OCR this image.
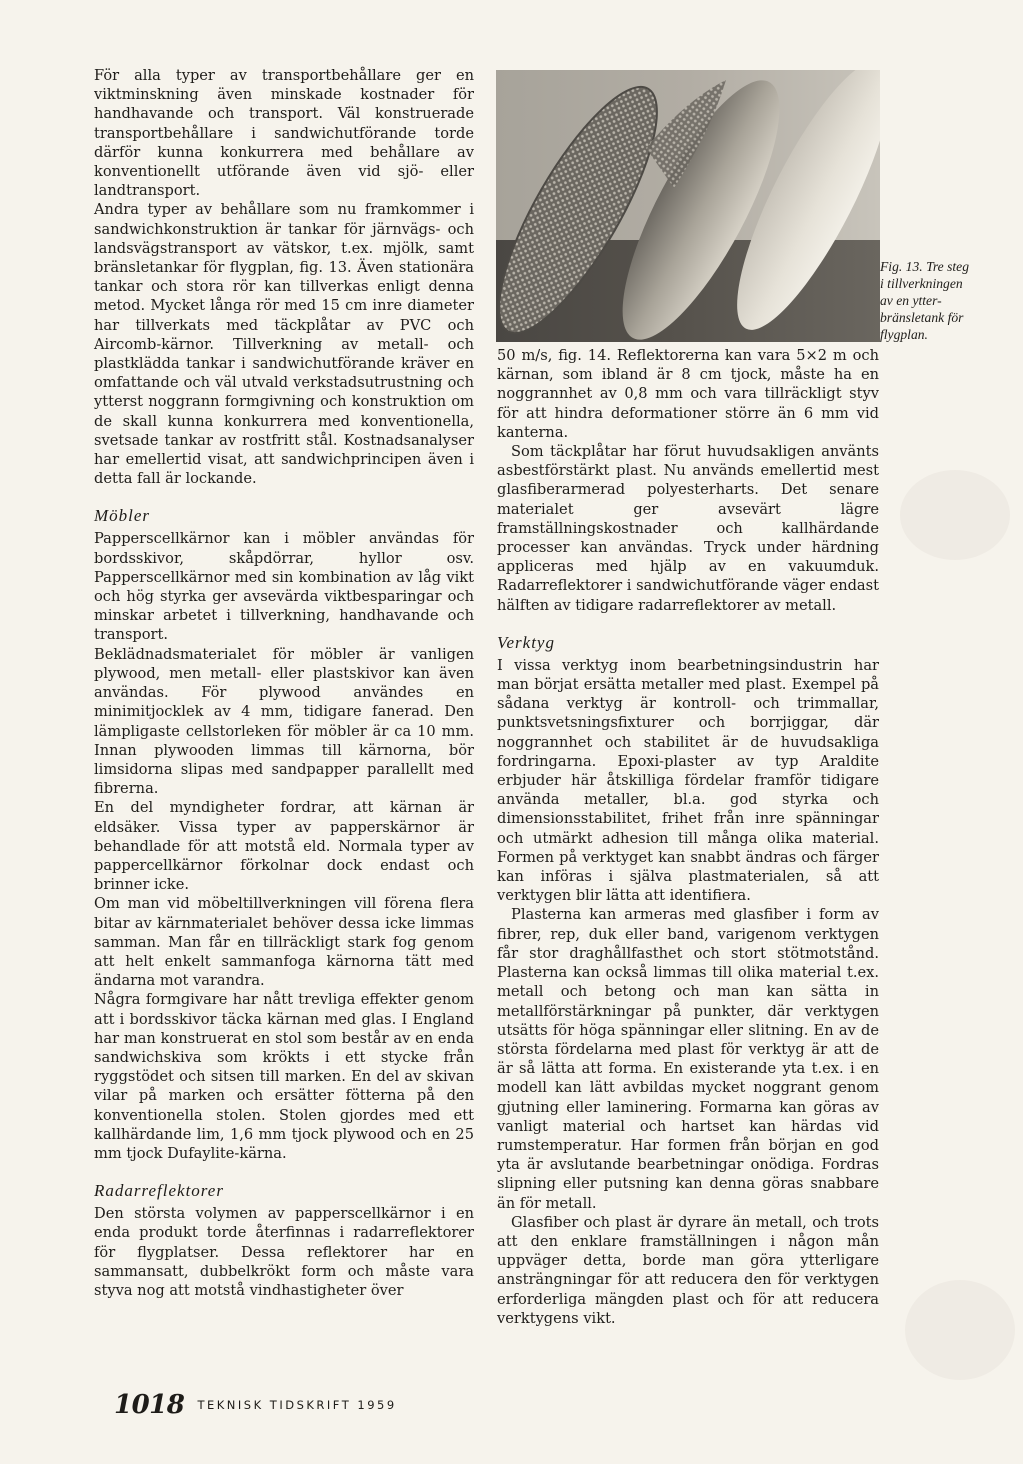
För alla typer av transportbehållare ger en viktminskning även minskade kostnader för handhavande och transport. Väl konstruerade transportbehållare i sandwichutförande torde därför kunna konkurrera med behållare av konventionellt utförande även vid sjö- eller landtransport.

Andra typer av behållare som nu framkommer i sandwichkonstruktion är tankar för järnvägs- och landsvägstransport av vätskor, t.ex. mjölk, samt bränsletankar för flygplan, fig. 13. Även stationära tankar och stora rör kan tillverkas enligt denna metod. Mycket långa rör med 15 cm inre diameter har tillverkats med täckplåtar av PVC och Aircomb-kärnor. Tillverkning av metall- och plastklädda tankar i sandwichutförande kräver en omfattande och väl utvald verkstadsutrustning och ytterst noggrann formgivning och konstruktion om de skall kunna konkurrera med konventionella, svetsade tankar av rostfritt stål. Kostnadsanalyser har emellertid visat, att sandwichprincipen även i detta fall är lockande.

Möbler

Papperscellkärnor kan i möbler användas för bordsskivor, skåpdörrar, hyllor osv. Papperscellkärnor med sin kombination av låg vikt och hög styrka ger avsevärda viktbesparingar och minskar arbetet i tillverkning, handhavande och transport.

Beklädnadsmaterialet för möbler är vanligen plywood, men metall- eller plastskivor kan även användas. För plywood användes en minimitjocklek av 4 mm, tidigare fanerad. Den lämpligaste cellstorleken för möbler är ca 10 mm. Innan plywooden limmas till kärnorna, bör limsidorna slipas med sandpapper parallellt med fibrerna.

En del myndigheter fordrar, att kärnan är eldsäker. Vissa typer av papperskärnor är behandlade för att motstå eld. Normala typer av pappercellkärnor förkolnar dock endast och brinner icke.

Om man vid möbeltillverkningen vill förena flera bitar av kärnmaterialet behöver dessa icke limmas samman. Man får en tillräckligt stark fog genom att helt enkelt sammanfoga kärnorna tätt med ändarna mot varandra.

Några formgivare har nått trevliga effekter genom att i bordsskivor täcka kärnan med glas. I England har man konstruerat en stol som består av en enda sandwichskiva som krökts i ett stycke från ryggstödet och sitsen till marken. En del av skivan vilar på marken och ersätter fötterna på den konventionella stolen. Stolen gjordes med ett kallhärdande lim, 1,6 mm tjock plywood och en 25 mm tjock Dufaylite-kärna.

Radarreflektorer

Den största volymen av papperscellkärnor i en enda produkt torde återfinnas i radarreflektorer för flygplatser. Dessa reflektorer har en sammansatt, dubbelkrökt form och måste vara styva nog att motstå vindhastigheter över

Fig. 13. Tre steg
i tillverkningen
av en ytter-
bränsletank för
flygplan.

50 m/s, fig. 14. Reflektorerna kan vara 5×2 m och kärnan, som ibland är 8 cm tjock, måste ha en noggrannhet av 0,8 mm och vara tillräckligt styv för att hindra deformationer större än 6 mm vid kanterna.

Som täckplåtar har förut huvudsakligen använts asbestförstärkt plast. Nu används emellertid mest glasfiberarmerad polyesterharts. Det senare materialet ger avsevärt lägre framställningskostnader och kallhärdande processer kan användas. Tryck under härdning appliceras med hjälp av en vakuumduk. Radarreflektorer i sandwichutförande väger endast hälften av tidigare radarreflektorer av metall.

Verktyg

I vissa verktyg inom bearbetningsindustrin har man börjat ersätta metaller med plast. Exempel på sådana verktyg är kontroll- och trimmallar, punktsvetsningsfixturer och borrjiggar, där noggrannhet och stabilitet är de huvudsakliga fordringarna. Epoxi-plaster av typ Araldite erbjuder här åtskilliga fördelar framför tidigare använda metaller, bl.a. god styrka och dimensionsstabilitet, frihet från inre spänningar och utmärkt adhesion till många olika material. Formen på verktyget kan snabbt ändras och färger kan införas i själva plastmaterialen, så att verktygen blir lätta att identifiera.

Plasterna kan armeras med glasfiber i form av fibrer, rep, duk eller band, varigenom verktygen får stor draghållfasthet och stort stötmotstånd. Plasterna kan också limmas till olika material t.ex. metall och betong och man kan sätta in metallförstärkningar på punkter, där verktygen utsätts för höga spänningar eller slitning. En av de största fördelarna med plast för verktyg är att de är så lätta att forma. En existerande yta t.ex. i en modell kan lätt avbildas mycket noggrant genom gjutning eller laminering. Formarna kan göras av vanligt material och hartset kan härdas vid rumstemperatur. Har formen från början en god yta är avslutande bearbetningar onödiga. Fordras slipning eller putsning kan denna göras snabbare än för metall.

Glasfiber och plast är dyrare än metall, och trots att den enklare framställningen i någon mån uppväger detta, borde man göra ytterligare ansträngningar för att reducera den för verktygen erforderliga mängden plast och för att reducera verktygens vikt.

1018 $^{TEKNISK TIDSKRIFT 1959}$
